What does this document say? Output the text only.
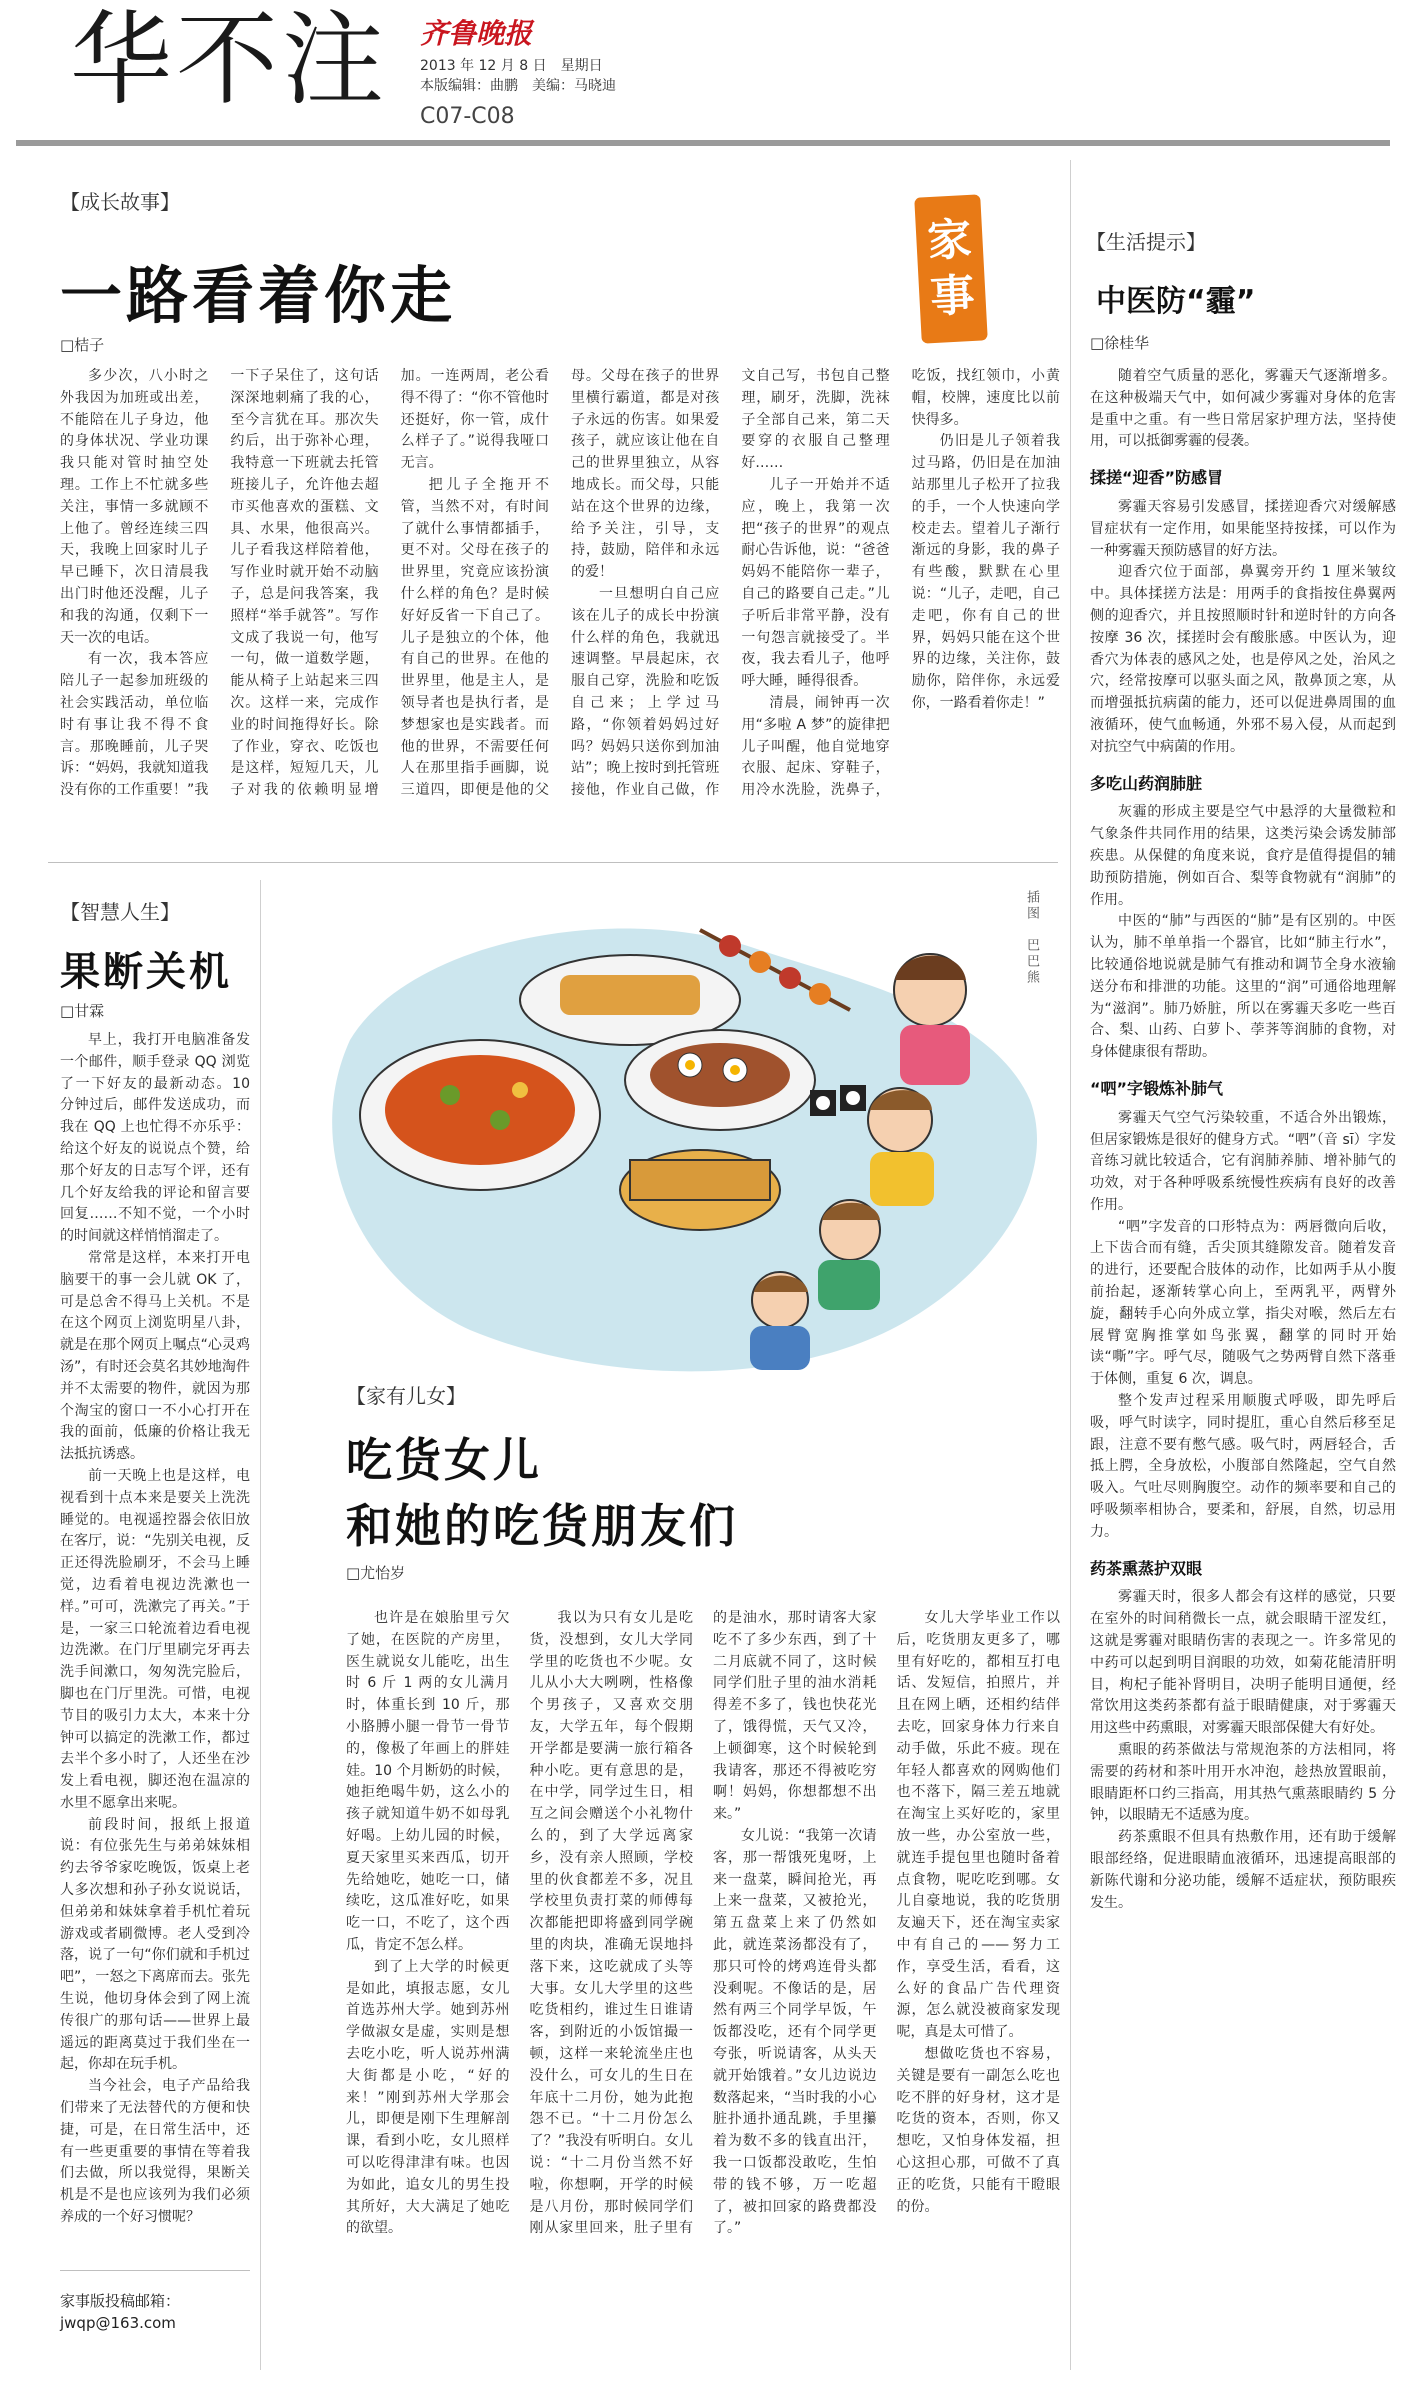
华不注 齐鲁晚报
2013 年 12 月 8 日　星期日
本版编辑：曲鹏　美编：马晓迪
C07-C08
【成长故事】
一路看着你走
□桔子
家
事

多少次，八小时之外我因为加班或出差，不能陪在儿子身边，他的身体状况、学业功课我只能对管时抽空处理。工作上不忙就多些关注，事情一多就顾不上他了。曾经连续三四天，我晚上回家时儿子早已睡下，次日清晨我出门时他还没醒，儿子和我的沟通，仅剩下一天一次的电话。

有一次，我本答应陪儿子一起参加班级的社会实践活动，单位临时有事让我不得不食言。那晚睡前，儿子哭诉：“妈妈，我就知道我没有你的工作重要！”我一下子呆住了，这句话深深地刺痛了我的心，至今言犹在耳。那次失约后，出于弥补心理，我特意一下班就去托管班接儿子，允许他去超市买他喜欢的蛋糕、文具、水果，他很高兴。儿子看我这样陪着他，写作业时就开始不动脑子，总是问我答案，我照样“举手就答”。写作文成了我说一句，他写一句，做一道数学题，能从椅子上站起来三四次。这样一来，完成作业的时间拖得好长。除了作业，穿衣、吃饭也是这样，短短几天，儿子对我的依赖明显增加。一连两周，老公看得不得了：“你不管他时还挺好，你一管，成什么样子了。”说得我哑口无言。

把儿子全拖开不管，当然不对，有时间了就什么事情都插手，更不对。父母在孩子的世界里，究竟应该扮演什么样的角色？是时候好好反省一下自己了。儿子是独立的个体，他有自己的世界。在他的世界里，他是主人，是领导者也是执行者，是梦想家也是实践者。而他的世界，不需要任何人在那里指手画脚，说三道四，即便是他的父母。父母在孩子的世界里横行霸道，都是对孩子永远的伤害。如果爱孩子，就应该让他在自己的世界里独立，从容地成长。而父母，只能站在这个世界的边缘，给予关注，引导，支持，鼓励，陪伴和永远的爱！

一旦想明白自己应该在儿子的成长中扮演什么样的角色，我就迅速调整。早晨起床，衣服自己穿，洗脸和吃饭自己来；上学过马路，“你领着妈妈过好吗？妈妈只送你到加油站”；晚上按时到托管班接他，作业自己做，作文自己写，书包自己整理，刷牙，洗脚，洗袜子全部自己来，第二天要穿的衣服自己整理好……

儿子一开始并不适应，晚上，我第一次把“孩子的世界”的观点耐心告诉他，说：“爸爸妈妈不能陪你一辈子，自己的路要自己走。”儿子听后非常平静，没有一句怨言就接受了。半夜，我去看儿子，他呼呼大睡，睡得很香。

清晨，闹钟再一次用“多啦 A 梦”的旋律把儿子叫醒，他自觉地穿衣服、起床、穿鞋子，用冷水洗脸，洗鼻子，吃饭，找红领巾，小黄帽，校牌，速度比以前快得多。

仍旧是儿子领着我过马路，仍旧是在加油站那里儿子松开了拉我的手，一个人快速向学校走去。望着儿子渐行渐远的身影，我的鼻子有些酸，默默在心里说：“儿子，走吧，自己走吧，你有自己的世界，妈妈只能在这个世界的边缘，关注你，鼓励你，陪伴你，永远爱你，一路看着你走！”

【智慧人生】
果断关机
□甘霖

早上，我打开电脑准备发一个邮件，顺手登录 QQ 浏览了一下好友的最新动态。10 分钟过后，邮件发送成功，而我在 QQ 上也忙得不亦乐乎：给这个好友的说说点个赞，给那个好友的日志写个评，还有几个好友给我的评论和留言要回复……不知不觉，一个小时的时间就这样悄悄溜走了。

常常是这样，本来打开电脑要干的事一会儿就 OK 了，可是总舍不得马上关机。不是在这个网页上浏览明星八卦，就是在那个网页上嘱点“心灵鸡汤”，有时还会莫名其妙地淘件并不太需要的物件，就因为那个淘宝的窗口一不小心打开在我的面前，低廉的价格让我无法抵抗诱惑。

前一天晚上也是这样，电视看到十点本来是要关上洗洗睡觉的。电视遥控器会依旧放在客厅，说：“先别关电视，反正还得洗脸刷牙，不会马上睡觉，边看着电视边洗漱也一样。”可可，洗漱完了再关。”于是，一家三口轮流着边看电视边洗漱。在门厅里刷完牙再去洗手间漱口，匆匆洗完脸后，脚也在门厅里洗。可惜，电视节目的吸引力太大，本来十分钟可以搞定的洗漱工作，都过去半个多小时了，人还坐在沙发上看电视，脚还泡在温凉的水里不愿拿出来呢。

前段时间，报纸上报道说：有位张先生与弟弟妹妹相约去爷爷家吃晚饭，饭桌上老人多次想和孙子孙女说说话，但弟弟和妹妹拿着手机忙着玩游戏或者刷微博。老人受到冷落，说了一句“你们就和手机过吧”，一怒之下离席而去。张先生说，他切身体会到了网上流传很广的那句话——世界上最遥远的距离莫过于我们坐在一起，你却在玩手机。

当今社会，电子产品给我们带来了无法替代的方便和快捷，可是，在日常生活中，还有一些更重要的事情在等着我们去做，所以我觉得，果断关机是不是也应该列为我们必须养成的一个好习惯呢？

家事版投稿邮箱：jwqp@163.com
插图　巴巴熊
【家有儿女】
吃货女儿
和她的吃货朋友们
□尤怡岁

也许是在娘胎里亏欠了她，在医院的产房里，医生就说女儿能吃，出生时 6 斤 1 两的女儿满月时，体重长到 10 斤，那小胳膊小腿一骨节一骨节的，像极了年画上的胖娃娃。10 个月断奶的时候，她拒绝喝牛奶，这么小的孩子就知道牛奶不如母乳好喝。上幼儿园的时候，夏天家里买来西瓜，切开先给她吃，她吃一口，储续吃，这瓜准好吃，如果吃一口，不吃了，这个西瓜，肯定不怎么样。

到了上大学的时候更是如此，填报志愿，女儿首选苏州大学。她到苏州学做淑女是虚，实则是想去吃小吃，听人说苏州满大街都是小吃，“好的来！”刚到苏州大学那会儿，即便是刚下生理解剖课，看到小吃，女儿照样可以吃得津津有味。也因为如此，追女儿的男生投其所好，大大满足了她吃的欲望。

我以为只有女儿是吃货，没想到，女儿大学同学里的吃货也不少呢。女儿从小大大咧咧，性格像个男孩子，又喜欢交朋友，大学五年，每个假期开学都是要满一旅行箱各种小吃。更有意思的是，在中学，同学过生日，相互之间会赠送个小礼物什么的，到了大学远离家乡，没有亲人照顾，学校里的伙食都差不多，况且学校里负责打菜的师傅每次都能把即将盛到同学碗里的肉块，准确无误地抖落下来，这吃就成了头等大事。女儿大学里的这些吃货相约，谁过生日谁请客，到附近的小饭馆撮一顿，这样一来轮流坐庄也没什么，可女儿的生日在年底十二月份，她为此抱怨不已。“十二月份怎么了？”我没有听明白。女儿说：“十二月份当然不好啦，你想啊，开学的时候是八月份，那时候同学们刚从家里回来，肚子里有的是油水，那时请客大家吃不了多少东西，到了十二月底就不同了，这时候同学们肚子里的油水消耗得差不多了，钱也快花光了，饿得慌，天气又冷，上顿御寒，这个时候轮到我请客，那还不得被吃穷啊！妈妈，你想都想不出来。”

女儿说：“我第一次请客，那一帮饿死鬼呀，上来一盘菜，瞬间抢光，再上来一盘菜，又被抢光，第五盘菜上来了仍然如此，就连菜汤都没有了，那只可怜的烤鸡连骨头都没剩呢。不像话的是，居然有两三个同学早饭，午饭都没吃，还有个同学更夸张，听说请客，从头天就开始饿着。”女儿边说边数落起来，“当时我的小心脏扑通扑通乱跳，手里攥着为数不多的钱直出汗，我一口饭都没敢吃，生怕带的钱不够，万一吃超了，被扣回家的路费都没了。”

女儿大学毕业工作以后，吃货朋友更多了，哪里有好吃的，都相互打电话、发短信，拍照片，并且在网上晒，还相约结伴去吃，回家身体力行来自动手做，乐此不疲。现在年轻人都喜欢的网购他们也不落下，隔三差五地就在淘宝上买好吃的，家里放一些，办公室放一些，就连手提包里也随时备着点食物，呢吃吃到哪。女儿自豪地说，我的吃货朋友遍天下，还在淘宝卖家中有自己的——努力工作，享受生活，看看，这么好的食品广告代理资源，怎么就没被商家发现呢，真是太可惜了。

想做吃货也不容易，关键是要有一副怎么吃也吃不胖的好身材，这才是吃货的资本，否则，你又想吃，又怕身体发福，担心这担心那，可做不了真正的吃货，只能有干瞪眼的份。

【生活提示】
中医防“霾”
□徐桂华

随着空气质量的恶化，雾霾天气逐渐增多。在这种极端天气中，如何减少雾霾对身体的危害是重中之重。有一些日常居家护理方法，坚持使用，可以抵御雾霾的侵袭。

揉搓“迎香”防感冒

雾霾天容易引发感冒，揉搓迎香穴对缓解感冒症状有一定作用，如果能坚持按揉，可以作为一种雾霾天预防感冒的好方法。

迎香穴位于面部，鼻翼旁开约 1 厘米皱纹中。具体揉搓方法是：用两手的食指按住鼻翼两侧的迎香穴，并且按照顺时针和逆时针的方向各按摩 36 次，揉搓时会有酸胀感。中医认为，迎香穴为体表的感风之处，也是停风之处，治风之穴，经常按摩可以驱头面之风，散鼻顶之寒，从而增强抵抗病菌的能力，还可以促进鼻周围的血液循环，使气血畅通，外邪不易入侵，从而起到对抗空气中病菌的作用。

多吃山药润肺脏

灰霾的形成主要是空气中悬浮的大量微粒和气象条件共同作用的结果，这类污染会诱发肺部疾患。从保健的角度来说，食疗是值得提倡的辅助预防措施，例如百合、梨等食物就有“润肺”的作用。

中医的“肺”与西医的“肺”是有区别的。中医认为，肺不单单指一个器官，比如“肺主行水”，比较通俗地说就是肺气有推动和调节全身水液输送分布和排泄的功能。这里的“润”可通俗地理解为“滋润”。肺乃娇脏，所以在雾霾天多吃一些百合、梨、山药、白萝卜、荸荠等润肺的食物，对身体健康很有帮助。

“呬”字锻炼补肺气

雾霾天气空气污染较重，不适合外出锻炼，但居家锻炼是很好的健身方式。“呬”（音 sī）字发音练习就比较适合，它有润肺养肺、增补肺气的功效，对于各种呼吸系统慢性疾病有良好的改善作用。

“呬”字发音的口形特点为：两唇微向后收，上下齿合而有缝，舌尖顶其缝隙发音。随着发音的进行，还要配合肢体的动作，比如两手从小腹前抬起，逐渐转掌心向上，至两乳平，两臂外旋，翻转手心向外成立掌，指尖对喉，然后左右展臂宽胸推掌如鸟张翼，翻掌的同时开始读“嘶”字。呼气尽，随吸气之势两臂自然下落垂于体侧，重复 6 次，调息。

整个发声过程采用顺腹式呼吸，即先呼后吸，呼气时读字，同时提肛，重心自然后移至足跟，注意不要有憋气感。吸气时，两唇轻合，舌抵上腭，全身放松，小腹部自然隆起，空气自然吸入。气吐尽则胸腹空。动作的频率要和自己的呼吸频率相协合，要柔和，舒展，自然，切忌用力。

药茶熏蒸护双眼

雾霾天时，很多人都会有这样的感觉，只要在室外的时间稍微长一点，就会眼睛干涩发红，这就是雾霾对眼睛伤害的表现之一。许多常见的中药可以起到明目润眼的功效，如菊花能清肝明目，枸杞子能补肾明目，决明子能明目通便，经常饮用这类药茶都有益于眼睛健康，对于雾霾天用这些中药熏眼，对雾霾天眼部保健大有好处。

熏眼的药茶做法与常规泡茶的方法相同，将需要的药材和茶叶用开水冲泡，趁热放置眼前，眼睛距杯口约三指高，用其热气熏蒸眼睛约 5 分钟，以眼睛无不适感为度。

药茶熏眼不但具有热敷作用，还有助于缓解眼部经络，促进眼睛血液循环，迅速提高眼部的新陈代谢和分泌功能，缓解不适症状，预防眼疾发生。
